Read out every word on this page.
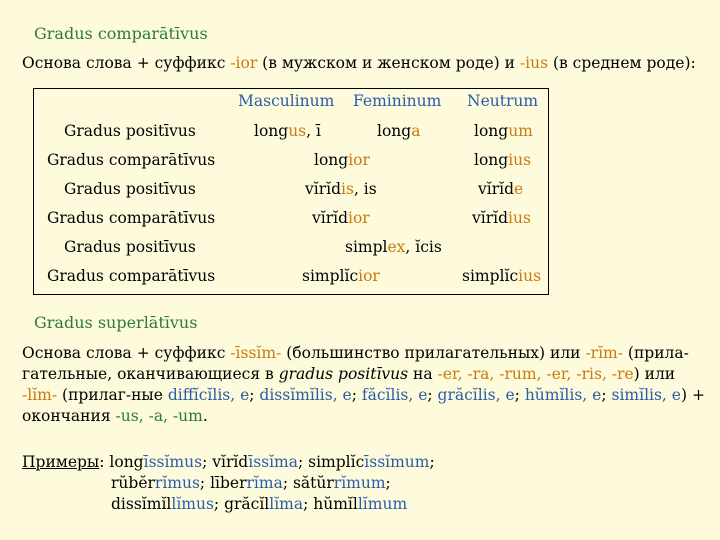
Gradus comparātīvus
Основа слова + суффикс -ior (в мужском и женском роде) и -ius (в среднем роде):
Masculinum Femininum Neutrum
Gradus positīvus	longus, ī	longa	longum
Gradus comparātīvus	longior	longius
Gradus positīvus	vĭrĭdis, is	vĭrĭde
Gradus comparātīvus	vĭrĭdior	vĭrĭdius
Gradus positīvus	simplex, ĭcis
Gradus comparātīvus	simplĭcior	simplĭcius
Gradus superlātīvus
Основа слова + суффикс -īssĭm- (большинство прилагательных) или -rĭm- (прила-
гательные, оканчивающиеся в gradus positīvus на -er, -ra, -rum, -er, -ris, -re) или
-lĭm- (прилаг-ные diffĭcĭlis, e; dissĭmĭlis, e; făcĭlis, e; grăcĭlis, e; hŭmĭlis, e; simĭlis, e) +
окончания -us, -a, -um.
Примеры: longīssĭmus; vĭrĭdīssĭma; simplĭcīssĭmum;
rŭbĕrrĭmus; līberrĭma; sătŭrrĭmum;
dissĭmĭllĭmus; grăcĭllĭma; hŭmĭllĭmum
